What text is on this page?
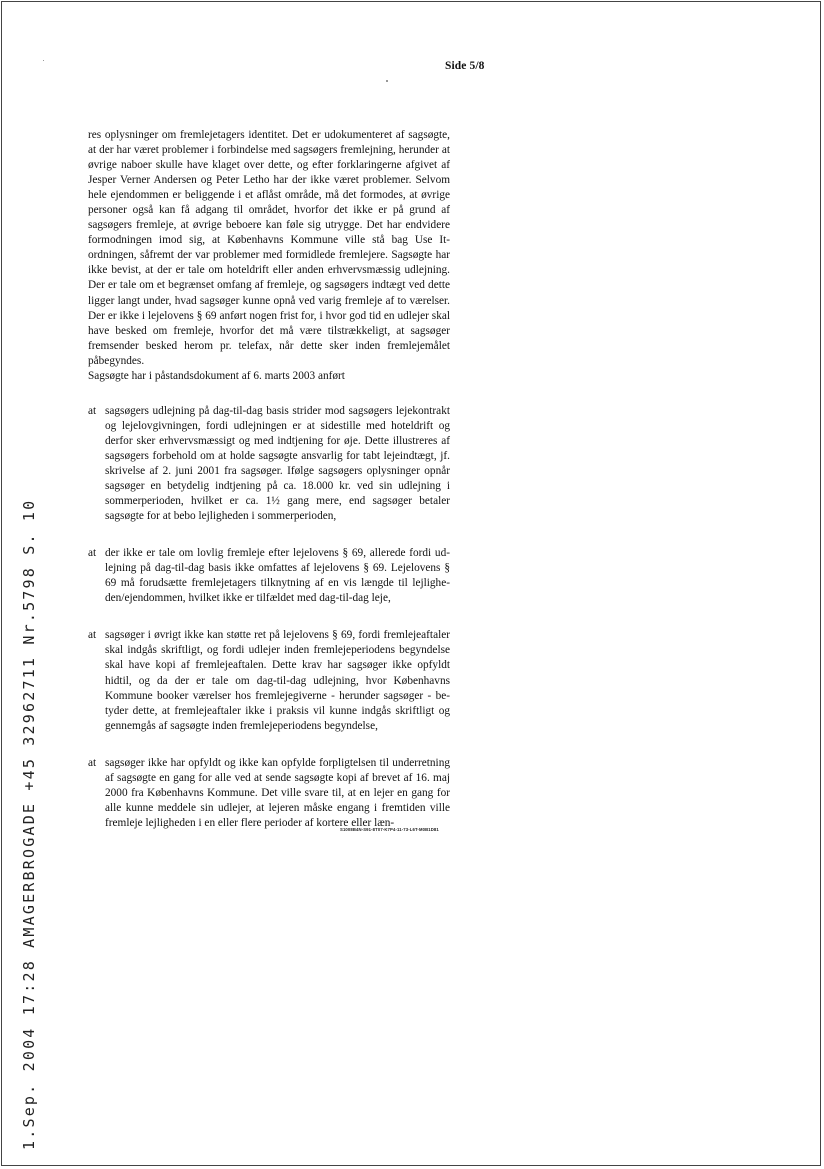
Side 5/8
1.Sep. 2004 17:28 AMAGERBROGADE +45 32962711 Nr.5798 S. 10

res oplysninger om fremlejetagers identitet. Det er udokumenteret af sagsøgte, at der har været problemer i forbindelse med sagsøgers fremlejning, herunder at øvrige naboer skulle have klaget over dette, og efter forklaringerne afgivet af Jesper Verner Andersen og Peter Letho har der ikke været problemer. Selvom hele ejendommen er beliggende i et aflåst område, må det formodes, at øvrige personer også kan få adgang til området, hvorfor det ikke er på grund af sagsøgers fremleje, at øvrige beboere kan føle sig utrygge. Det har endvidere formodningen imod sig, at Københavns Kommune ville stå bag Use It-ordningen, såfremt der var problemer med formidlede fremlejere. Sagsøgte har ikke bevist, at der er tale om hoteldrift eller anden erhvervsmæssig udlejning. Der er tale om et begrænset omfang af fremleje, og sagsøgers indtægt ved dette ligger langt under, hvad sagsøger kunne opnå ved varig fremleje af to værelser. Der er ikke i lejelovens § 69 anført nogen frist for, i hvor god tid en udlejer skal have besked om fremleje, hvorfor det må være tilstrækkeligt, at sagsøger fremsender besked herom pr. telefax, når dette sker inden fremlejemålet påbegyndes.

Sagsøgte har i påstandsdokument af 6. marts 2003 anført

at sagsøgers udlejning på dag-til-dag basis strider mod sagsøgers lejekontrakt og lejelovgivningen, fordi udlejningen er at sidestille med hoteldrift og derfor sker erhvervsmæssigt og med indtjening for øje. Dette illustreres af sagsøgers forbehold om at holde sagsøgte ansvarlig for tabt lejeindtægt, jf. skrivelse af 2. juni 2001 fra sagsøger. Ifølge sagsøgers oplysninger opnår sagsøger en betydelig indtjening på ca. 18.000 kr. ved sin udlejning i sommerperioden, hvilket er ca. 1½ gang mere, end sagsøger betaler sagsøgte for at bebo lejligheden i sommerperioden,
at der ikke er tale om lovlig fremleje efter lejelovens § 69, allerede fordi udlejning på dag-til-dag basis ikke omfattes af lejelovens § 69. Lejelovens § 69 må forudsætte fremlejetagers tilknytning af en vis længde til lejligheden/ejendommen, hvilket ikke er tilfældet med dag-til-dag leje,
at sagsøger i øvrigt ikke kan støtte ret på lejelovens § 69, fordi fremlejeaftaler skal indgås skriftligt, og fordi udlejer inden fremlejeperiodens begyndelse skal have kopi af fremlejeaftalen. Dette krav har sagsøger ikke opfyldt hidtil, og da der er tale om dag-til-dag udlejning, hvor Københavns Kommune booker værelser hos fremlejegiverne - herunder sagsøger - betyder dette, at fremlejeaftaler ikke i praksis vil kunne indgås skriftligt og gennemgås af sagsøgte inden fremlejeperiodens begyndelse,
at sagsøger ikke har opfyldt og ikke kan opfylde forpligtelsen til underretning af sagsøgte en gang for alle ved at sende sagsøgte kopi af brevet af 16. maj 2000 fra Københavns Kommune. Det ville svare til, at en lejer en gang for alle kunne meddele sin udlejer, at lejeren måske engang i fremtiden ville fremleje lejligheden i en eller flere perioder af kortere eller læn-
S1008B4N-S91-8T07-K7P4-11-73-L6T-M0B1D81
